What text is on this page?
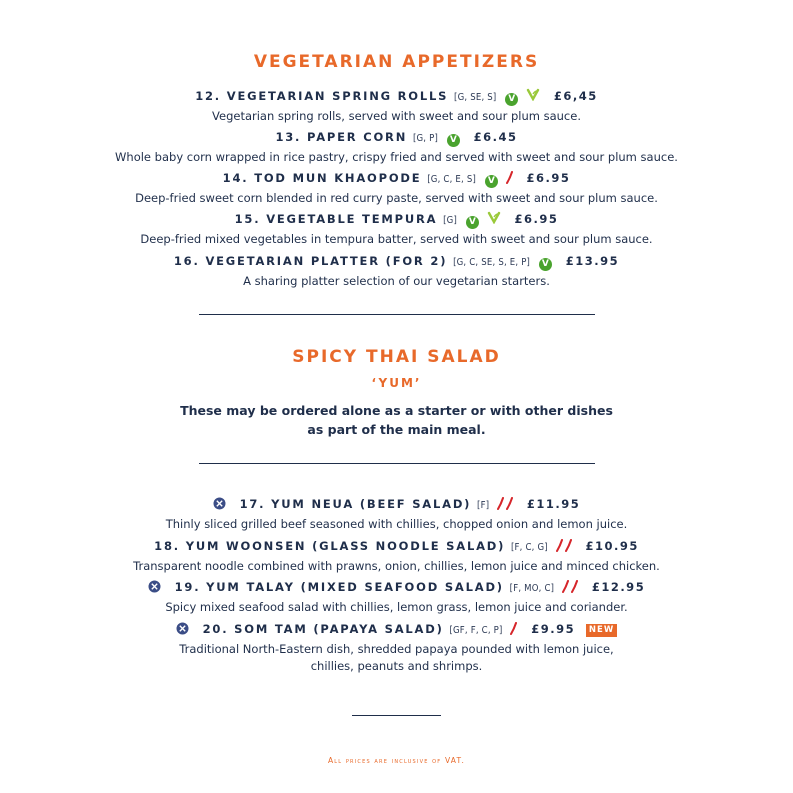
VEGETARIAN APPETIZERS
12. VEGETARIAN SPRING ROLLS [G, SE, S] V	£6,45
Vegetarian spring rolls, served with sweet and sour plum sauce.
13. PAPER CORN [G, P] V £6.45
Whole baby corn wrapped in rice pastry, crispy fried and served with sweet and sour plum sauce.
14. TOD MUN KHAOPODE [G, C, E, S] V	£6.95
Deep-fried sweet corn blended in red curry paste, served with sweet and sour plum sauce.
15. VEGETABLE TEMPURA [G] V	£6.95
Deep-fried mixed vegetables in tempura batter, served with sweet and sour plum sauce.
16. VEGETARIAN PLATTER (FOR 2) [G, C, SE, S, E, P] V £13.95
A sharing platter selection of our vegetarian starters.
SPICY THAI SALAD
‘YUM’
These may be ordered alone as a starter or with other dishes
as part of the main meal.
17. YUM NEUA (BEEF SALAD) [F]	£11.95
Thinly sliced grilled beef seasoned with chillies, chopped onion and lemon juice.
18. YUM WOONSEN (GLASS NOODLE SALAD) [F, C, G]	£10.95
Transparent noodle combined with prawns, onion, chillies, lemon juice and minced chicken.
19. YUM TALAY (MIXED SEAFOOD SALAD) [F, MO, C]	£12.95
Spicy mixed seafood salad with chillies, lemon grass, lemon juice and coriander.
20. SOM TAM (PAPAYA SALAD) [GF, F, C, P] £9.95 NEW
Traditional North-Eastern dish, shredded papaya pounded with lemon juice,
chillies, peanuts and shrimps.
All prices are inclusive of VAT.
